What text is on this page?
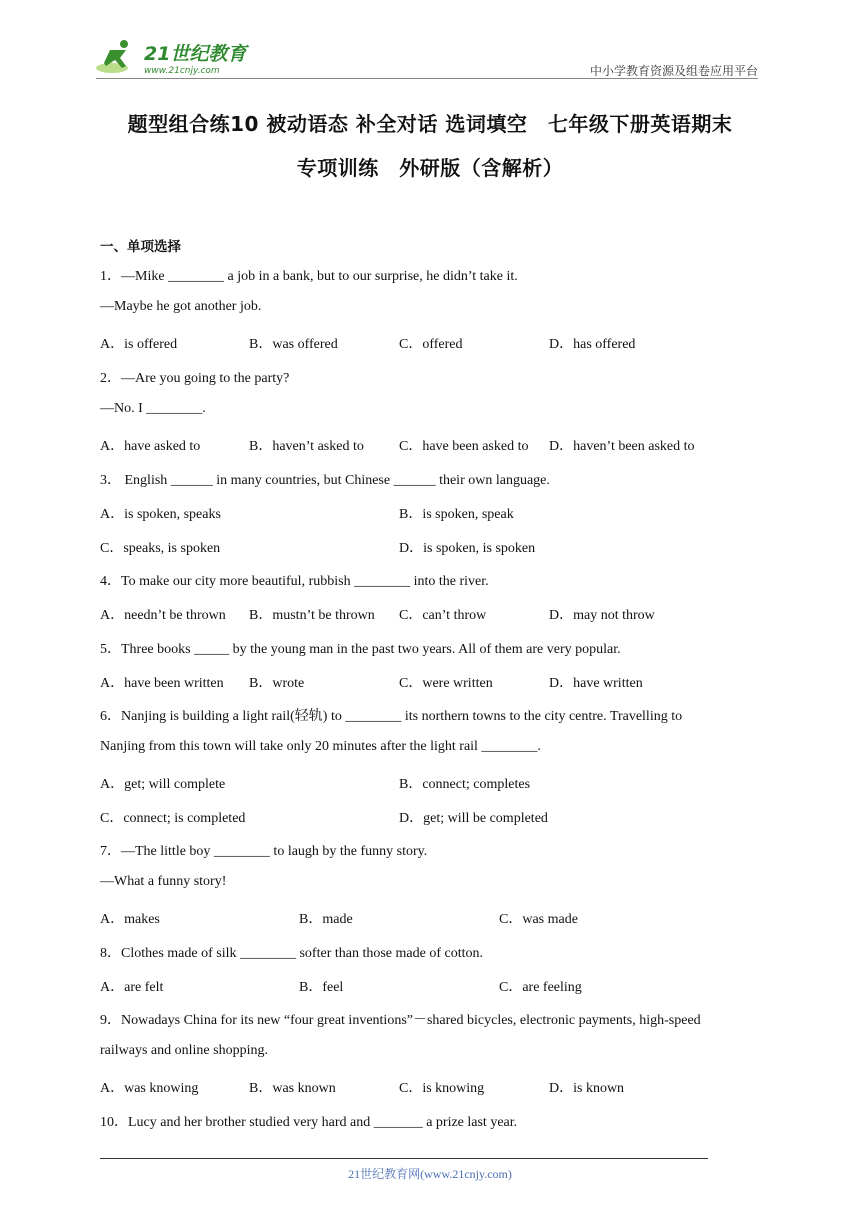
21世纪教育
www.21cnjy.com	中小学教育资源及组卷应用平台
题型组合练10 被动语态 补全对话 选词填空　七年级下册英语期末
专项训练　外研版（含解析）
一、单项选择
1．—Mike ________ a job in a bank, but to our surprise, he didn’t take it.
—Maybe he got another job.
A．is offered	B．was offered	C．offered	D．has offered
2．—Are you going to the party?
—No. I ________.
A．have asked to	B．haven’t asked to	C．have been asked to D．haven’t been asked to
3． English ______ in many countries, but Chinese ______ their own language.
A．is spoken, speaks	B．is spoken, speak
C．speaks, is spoken	D．is spoken, is spoken
4．To make our city more beautiful, rubbish ________ into the river.
A．needn’t be thrown B．mustn’t be thrown C．can’t throw	D．may not throw
5．Three books _____ by the young man in the past two years. All of them are very popular.
A．have been written B．wrote	C．were written	D．have written
6．Nanjing is building a light rail(轻轨) to ________ its northern towns to the city centre. Travelling to
Nanjing from this town will take only 20 minutes after the light rail ________.
A．get; will complete	B．connect; completes
C．connect; is completed	D．get; will be completed
7．—The little boy ________ to laugh by the funny story.
—What a funny story!
A．makes	B．made	C．was made
8．Clothes made of silk ________ softer than those made of cotton.
A．are felt	B．feel	C．are feeling
9．Nowadays China for its new “four great inventions”－shared bicycles, electronic payments, high-speed
railways and online shopping.
A．was knowing	B．was known	C．is knowing	D．is known
10．Lucy and her brother studied very hard and _______ a prize last year.
21世纪教育网(www.21cnjy.com)
